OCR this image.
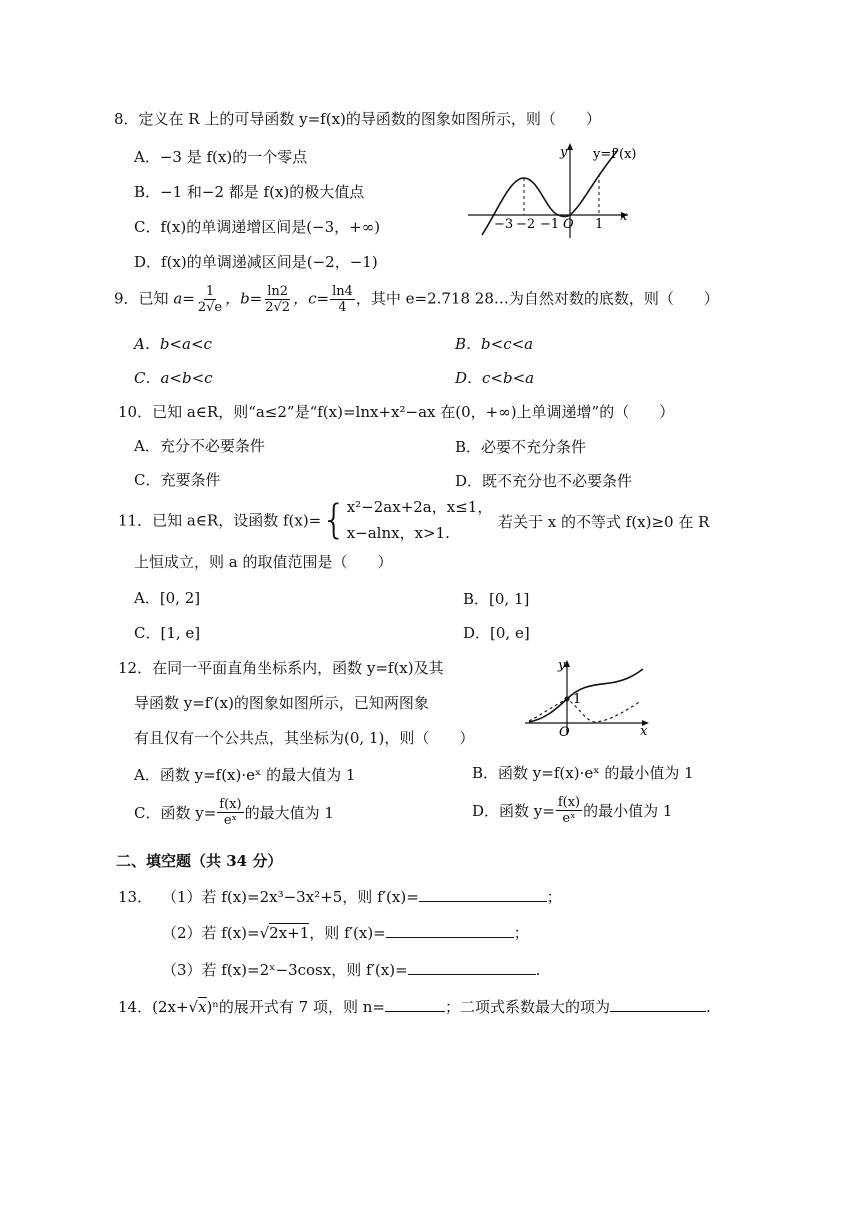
8．定义在 R 上的可导函数 y=f(x)的导函数的图象如图所示，则（　　）
A．−3 是 f(x)的一个零点
B．−1 和−2 都是 f(x)的极大值点
C．f(x)的单调递增区间是(−3，+∞)
D．f(x)的单调递减区间是(−2，−1)
y y=f′(x)
x
O
−3 −2 −1	1
9．已知 $a= \frac{1}{2√e}$ ，$b= \frac{\ln 2}{2√2}$ ，$c= \frac{\ln 4}{4}$ ，其中 e=2.718 28…为自然对数的底数，则（　　）
A．b<a<c	B．b<c<a
C．a<b<c	D．c<b<a
10．已知 a∈R，则“a≤2”是“f(x)=lnx+x²−ax 在(0，+∞)上单调递增”的（　　）
A．充分不必要条件	B．必要不充分条件
C．充要条件	D．既不充分也不必要条件
11．已知 a∈R，设函数 f(x)={ x²−2ax+2a，x≤1，
x−alnx，x>1.
若关于 x 的不等式 f(x)≥0 在 R
上恒成立，则 a 的取值范围是（　　）
A．[0, 2]	B．[0, 1]
C．[1, e]	D．[0, e]
12．在同一平面直角坐标系内，函数 y=f(x)及其
导函数 y=f′(x)的图象如图所示，已知两图象
有且仅有一个公共点，其坐标为(0, 1)，则（　　）
y
x
O
1
A．函数 y=f(x)·eˣ 的最大值为 1	B．函数 y=f(x)·eˣ 的最小值为 1
C．函数 $y= \frac{f(x)}{\text{eˣ}}$ 的最大值为 1	D．函数 $y= \frac{f(x)}{\text{eˣ}}$ 的最小值为 1
二、填空题（共 34 分）
13． （1）若 f(x)=2x³−3x²+5，则 f′(x)=	；
（2）若 f(x)=√2x+1，则 f′(x)=	；
（3）若 f(x)=2ˣ−3cosx，则 f′(x)=	.
14．(2x+√x)ⁿ的展开式有 7 项，则 n=	；二项式系数最大的项为	.
